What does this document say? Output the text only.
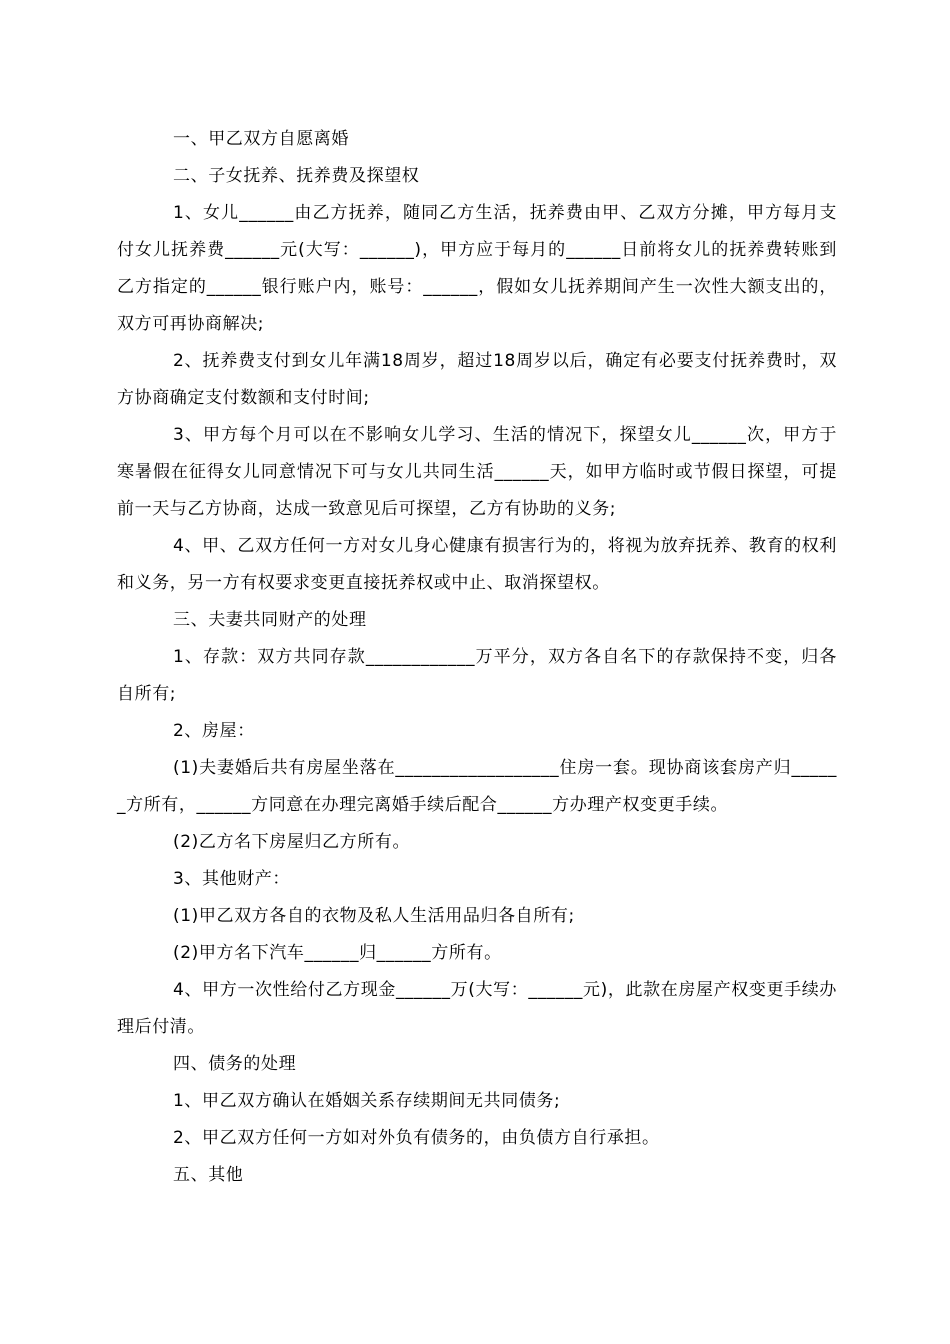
一、甲乙双方自愿离婚

二、子女抚养、抚养费及探望权

1、女儿______由乙方抚养，随同乙方生活，抚养费由甲、乙双方分摊，甲方每月支付女儿抚养费______元(大写：______)，甲方应于每月的______日前将女儿的抚养费转账到乙方指定的______银行账户内，账号：______，假如女儿抚养期间产生一次性大额支出的，双方可再协商解决;

2、抚养费支付到女儿年满18周岁，超过18周岁以后，确定有必要支付抚养费时，双方协商确定支付数额和支付时间;

3、甲方每个月可以在不影响女儿学习、生活的情况下，探望女儿______次，甲方于寒暑假在征得女儿同意情况下可与女儿共同生活______天，如甲方临时或节假日探望，可提前一天与乙方协商，达成一致意见后可探望，乙方有协助的义务;

4、甲、乙双方任何一方对女儿身心健康有损害行为的，将视为放弃抚养、教育的权利和义务，另一方有权要求变更直接抚养权或中止、取消探望权。

三、夫妻共同财产的处理

1、存款：双方共同存款____________万平分，双方各自名下的存款保持不变，归各自所有;

2、房屋：

(1)夫妻婚后共有房屋坐落在__________________住房一套。现协商该套房产归______方所有，______方同意在办理完离婚手续后配合______方办理产权变更手续。

(2)乙方名下房屋归乙方所有。

3、其他财产：

(1)甲乙双方各自的衣物及私人生活用品归各自所有;

(2)甲方名下汽车______归______方所有。

4、甲方一次性给付乙方现金______万(大写：______元)，此款在房屋产权变更手续办理后付清。

四、债务的处理

1、甲乙双方确认在婚姻关系存续期间无共同债务;

2、甲乙双方任何一方如对外负有债务的，由负债方自行承担。

五、其他
